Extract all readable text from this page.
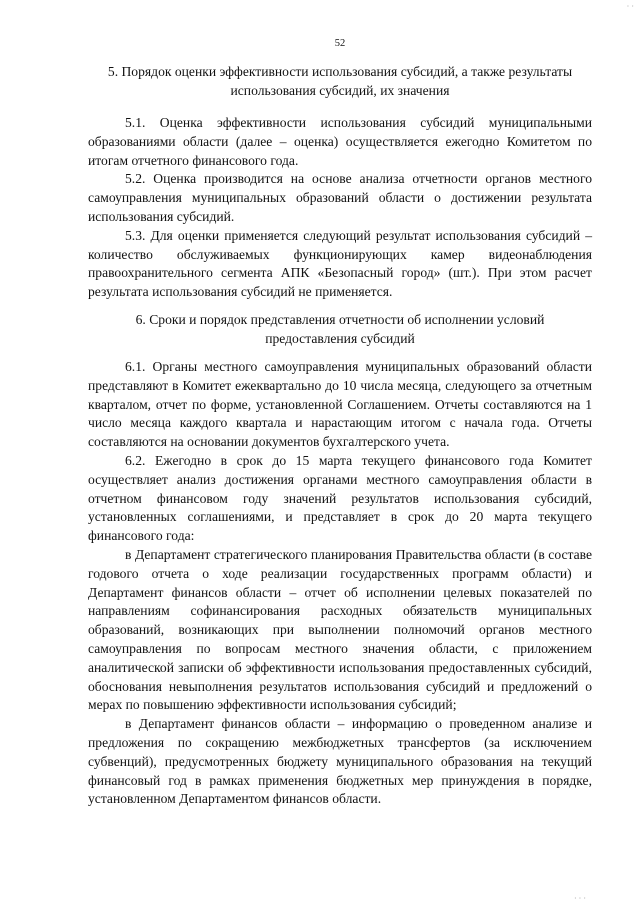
52
5. Порядок оценки эффективности использования субсидий, а также результаты использования субсидий, их значения

5.1. Оценка эффективности использования субсидий муниципальными образованиями области (далее – оценка) осуществляется ежегодно Комитетом по итогам отчетного финансового года.

5.2. Оценка производится на основе анализа отчетности органов местного самоуправления муниципальных образований области о достижении результата использования субсидий.

5.3. Для оценки применяется следующий результат использования субсидий – количество обслуживаемых функционирующих камер видеонаблюдения правоохранительного сегмента АПК «Безопасный город» (шт.). При этом расчет результата использования субсидий не применяется.

6. Сроки и порядок представления отчетности об исполнении условий предоставления субсидий

6.1. Органы местного самоуправления муниципальных образований области представляют в Комитет ежеквартально до 10 числа месяца, следующего за отчетным кварталом, отчет по форме, установленной Соглашением. Отчеты составляются на 1 число месяца каждого квартала и нарастающим итогом с начала года. Отчеты составляются на основании документов бухгалтерского учета.

6.2. Ежегодно в срок до 15 марта текущего финансового года Комитет осуществляет анализ достижения органами местного самоуправления области в отчетном финансовом году значений результатов использования субсидий, установленных соглашениями, и представляет в срок до 20 марта текущего финансового года:

в Департамент стратегического планирования Правительства области (в составе годового отчета о ходе реализации государственных программ области) и Департамент финансов области – отчет об исполнении целевых показателей по направлениям софинансирования расходных обязательств муниципальных образований, возникающих при выполнении полномочий органов местного самоуправления по вопросам местного значения области, с приложением аналитической записки об эффективности использования предоставленных субсидий, обоснования невыполнения результатов использования субсидий и предложений о мерах по повышению эффективности использования субсидий;

в Департамент финансов области – информацию о проведенном анализе и предложения по сокращению межбюджетных трансфертов (за исключением субвенций), предусмотренных бюджету муниципального образования на текущий финансовый год в рамках применения бюджетных мер принуждения в порядке, установленном Департаментом финансов области.

· ·
· · ·
